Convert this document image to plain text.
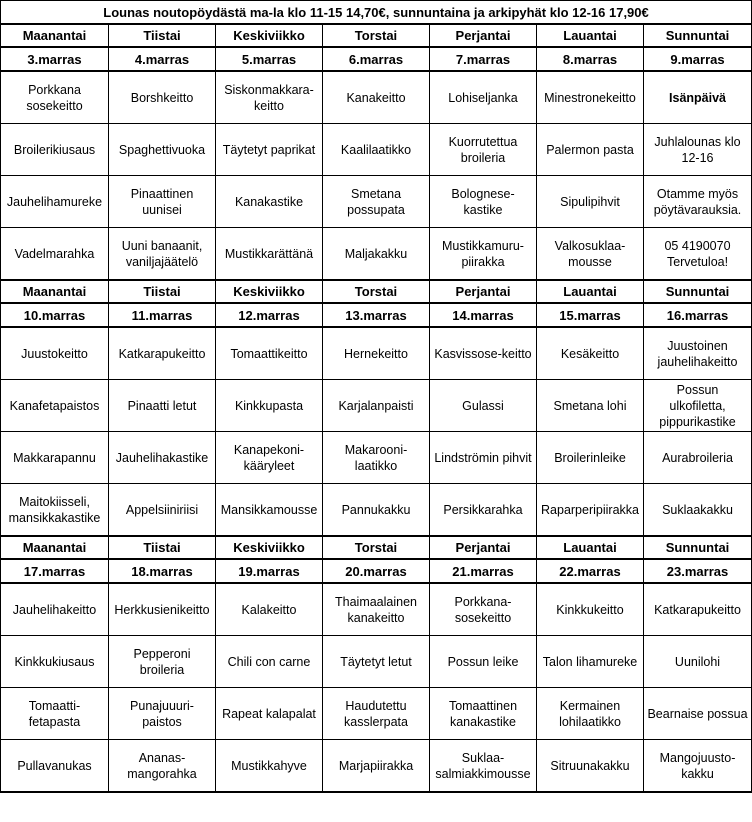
Lounas noutopöydästä ma-la klo 11-15 14,70€, sunnuntaina ja arkipyhät klo 12-16 17,90€						
Maanantai	Tiistai	Keskiviikko	Torstai	Perjantai	Lauantai	Sunnuntai
3.marras	4.marras	5.marras	6.marras	7.marras	8.marras	9.marras
Porkkana sosekeitto	Borshkeitto	Siskonmakkara-keitto	Kanakeitto	Lohiseljanka	Minestronekeitto	Isänpäivä
Broilerikiusaus	Spaghettivuoka	Täytetyt paprikat	Kaalilaatikko	Kuorrutettua broileria	Palermon pasta	Juhlalounas klo 12-16
Jauhelihamureke	Pinaattinen uunisei	Kanakastike	Smetana possupata	Bolognese-kastike	Sipulipihvit	Otamme myös pöytävarauksia.
Vadelmarahka	Uuni banaanit, vaniljajäätelö	Mustikkarättänä	Maljakakku	Mustikkamuru-piirakka	Valkosuklaa-mousse	05 4190070 Tervetuloa!
Maanantai	Tiistai	Keskiviikko	Torstai	Perjantai	Lauantai	Sunnuntai
10.marras	11.marras	12.marras	13.marras	14.marras	15.marras	16.marras
Juustokeitto	Katkarapukeitto	Tomaattikeitto	Hernekeitto	Kasvissose-keitto	Kesäkeitto	Juustoinen jauhelihakeitto
Kanafetapaistos	Pinaatti letut	Kinkkupasta	Karjalanpaisti	Gulassi	Smetana lohi	Possun ulkofiletta, pippurikastike
Makkarapannu	Jauhelihakastike	Kanapekoni-kääryleet	Makarooni-laatikko	Lindströmin pihvit	Broilerinleike	Aurabroileria
Maitokiisseli, mansikkakastike	Appelsiiniriisi	Mansikkamousse	Pannukakku	Persikkarahka	Raparperipiirakka	Suklaakakku
Maanantai	Tiistai	Keskiviikko	Torstai	Perjantai	Lauantai	Sunnuntai
17.marras	18.marras	19.marras	20.marras	21.marras	22.marras	23.marras
Jauhelihakeitto	Herkkusienikeitto	Kalakeitto	Thaimaalainen kanakeitto	Porkkana-sosekeitto	Kinkkukeitto	Katkarapukeitto
Kinkkukiusaus	Pepperoni broileria	Chili con carne	Täytetyt letut	Possun leike	Talon lihamureke	Uunilohi
Tomaatti-fetapasta	Punajuuuri-paistos	Rapeat kalapalat	Haudutettu kasslerpata	Tomaattinen kanakastike	Kermainen lohilaatikko	Bearnaise possua
Pullavanukas	Ananas-mangorahka	Mustikkahyve	Marjapiirakka	Suklaa-salmiakkimousse	Sitruunakakku	Mangojuusto-kakku
